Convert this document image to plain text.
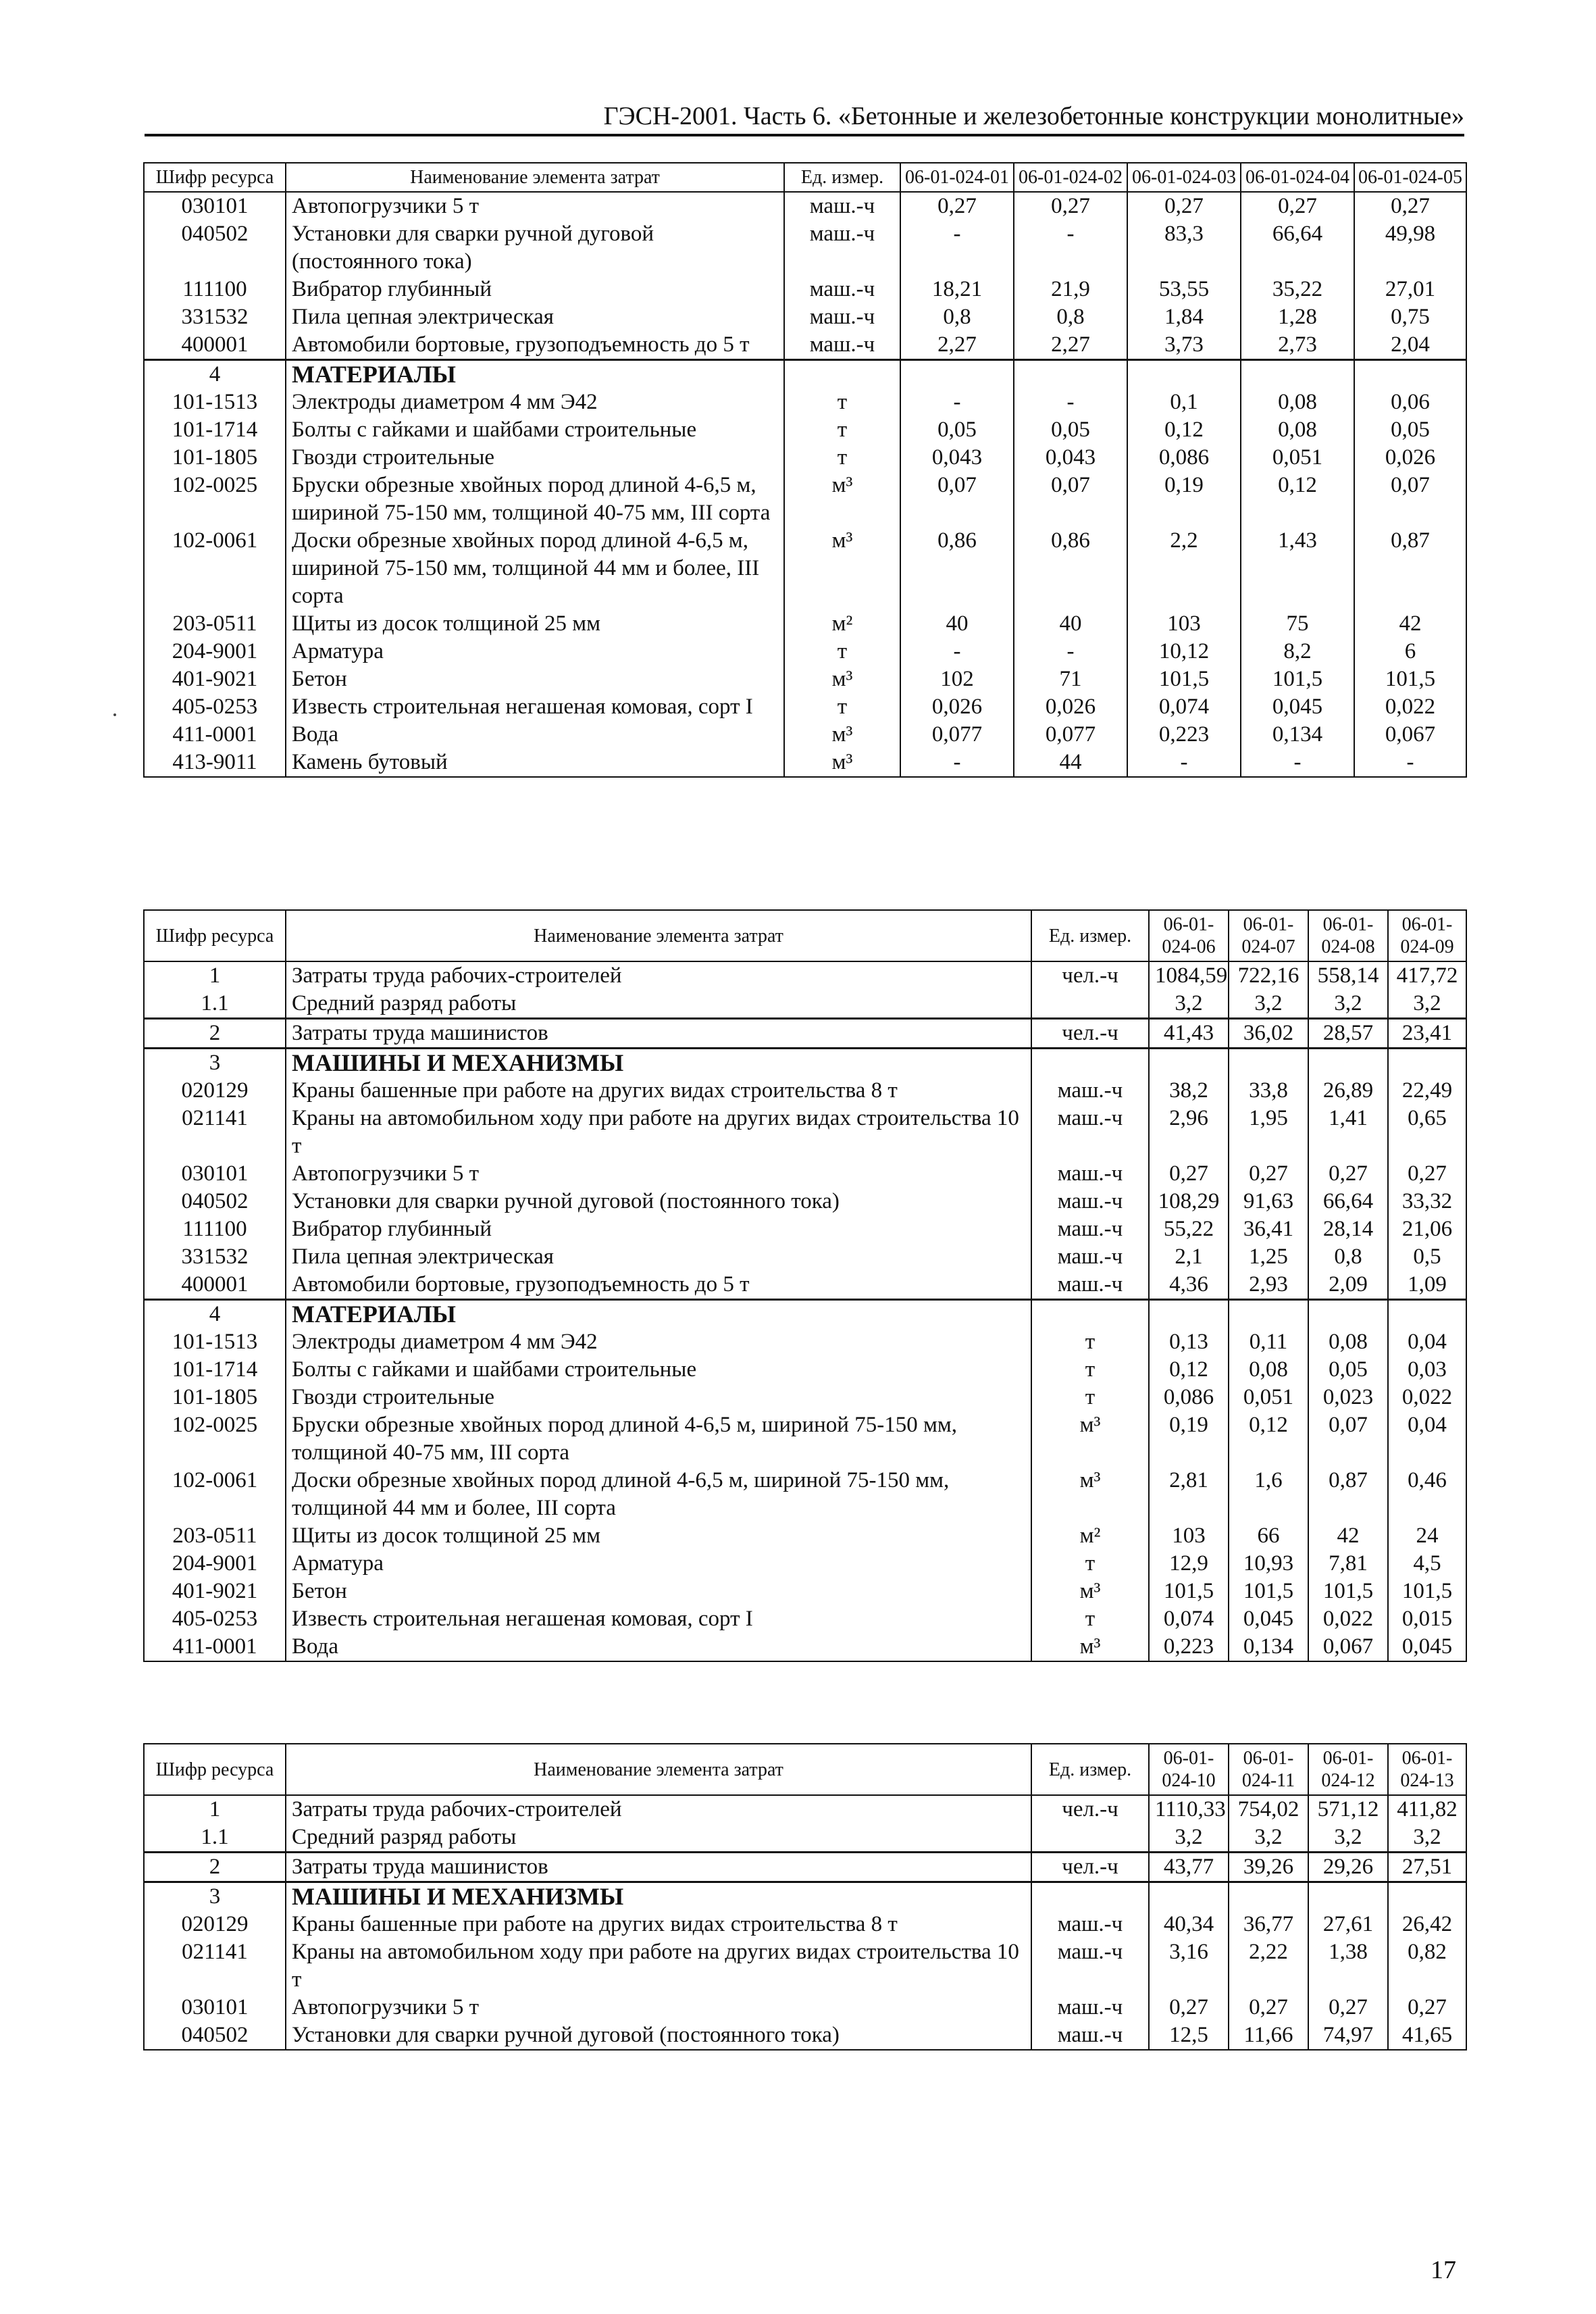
ГЭСН-2001. Часть 6. «Бетонные и железобетонные конструкции монолитные»
Шифр ресурса	Наименование элемента затрат	Ед. измер.	06-01-024-01	06-01-024-02	06-01-024-03	06-01-024-04	06-01-024-05
030101	Автопогрузчики 5 т	маш.-ч	0,27	0,27	0,27	0,27	0,27
040502	Установки для сварки ручной дуговой (постоянного тока)	маш.-ч	-	-	83,3	66,64	49,98
111100	Вибратор глубинный	маш.-ч	18,21	21,9	53,55	35,22	27,01
331532	Пила цепная электрическая	маш.-ч	0,8	0,8	1,84	1,28	0,75
400001	Автомобили бортовые, грузоподъемность до 5 т	маш.-ч	2,27	2,27	3,73	2,73	2,04
4	МАТЕРИАЛЫ						
101-1513	Электроды диаметром 4 мм Э42	т	-	-	0,1	0,08	0,06
101-1714	Болты с гайками и шайбами строительные	т	0,05	0,05	0,12	0,08	0,05
101-1805	Гвозди строительные	т	0,043	0,043	0,086	0,051	0,026
102-0025	Бруски обрезные хвойных пород длиной 4-6,5 м, шириной 75-150 мм, толщиной 40-75 мм, III сорта	м³	0,07	0,07	0,19	0,12	0,07
102-0061	Доски обрезные хвойных пород длиной 4-6,5 м, шириной 75-150 мм, толщиной 44 мм и более, III сорта	м³	0,86	0,86	2,2	1,43	0,87
203-0511	Щиты из досок толщиной 25 мм	м²	40	40	103	75	42
204-9001	Арматура	т	-	-	10,12	8,2	6
401-9021	Бетон	м³	102	71	101,5	101,5	101,5
405-0253	Известь строительная негашеная комовая, сорт I	т	0,026	0,026	0,074	0,045	0,022
411-0001	Вода	м³	0,077	0,077	0,223	0,134	0,067
413-9011	Камень бутовый	м³	-	44	-	-	-
Шифр ресурса	Наименование элемента затрат	Ед. измер.	06-01-024-06	06-01-024-07	06-01-024-08	06-01-024-09
1	Затраты труда рабочих-строителей	чел.-ч	1084,59	722,16	558,14	417,72
1.1	Средний разряд работы		3,2	3,2	3,2	3,2
2	Затраты труда машинистов	чел.-ч	41,43	36,02	28,57	23,41
3	МАШИНЫ И МЕХАНИЗМЫ					
020129	Краны башенные при работе на других видах строительства 8 т	маш.-ч	38,2	33,8	26,89	22,49
021141	Краны на автомобильном ходу при работе на других видах строительства 10 т	маш.-ч	2,96	1,95	1,41	0,65
030101	Автопогрузчики 5 т	маш.-ч	0,27	0,27	0,27	0,27
040502	Установки для сварки ручной дуговой (постоянного тока)	маш.-ч	108,29	91,63	66,64	33,32
111100	Вибратор глубинный	маш.-ч	55,22	36,41	28,14	21,06
331532	Пила цепная электрическая	маш.-ч	2,1	1,25	0,8	0,5
400001	Автомобили бортовые, грузоподъемность до 5 т	маш.-ч	4,36	2,93	2,09	1,09
4	МАТЕРИАЛЫ					
101-1513	Электроды диаметром 4 мм Э42	т	0,13	0,11	0,08	0,04
101-1714	Болты с гайками и шайбами строительные	т	0,12	0,08	0,05	0,03
101-1805	Гвозди строительные	т	0,086	0,051	0,023	0,022
102-0025	Бруски обрезные хвойных пород длиной 4-6,5 м, шириной 75-150 мм, толщиной 40-75 мм, III сорта	м³	0,19	0,12	0,07	0,04
102-0061	Доски обрезные хвойных пород длиной 4-6,5 м, шириной 75-150 мм, толщиной 44 мм и более, III сорта	м³	2,81	1,6	0,87	0,46
203-0511	Щиты из досок толщиной 25 мм	м²	103	66	42	24
204-9001	Арматура	т	12,9	10,93	7,81	4,5
401-9021	Бетон	м³	101,5	101,5	101,5	101,5
405-0253	Известь строительная негашеная комовая, сорт I	т	0,074	0,045	0,022	0,015
411-0001	Вода	м³	0,223	0,134	0,067	0,045
Шифр ресурса	Наименование элемента затрат	Ед. измер.	06-01-024-10	06-01-024-11	06-01-024-12	06-01-024-13
1	Затраты труда рабочих-строителей	чел.-ч	1110,33	754,02	571,12	411,82
1.1	Средний разряд работы		3,2	3,2	3,2	3,2
2	Затраты труда машинистов	чел.-ч	43,77	39,26	29,26	27,51
3	МАШИНЫ И МЕХАНИЗМЫ					
020129	Краны башенные при работе на других видах строительства 8 т	маш.-ч	40,34	36,77	27,61	26,42
021141	Краны на автомобильном ходу при работе на других видах строительства 10 т	маш.-ч	3,16	2,22	1,38	0,82
030101	Автопогрузчики 5 т	маш.-ч	0,27	0,27	0,27	0,27
040502	Установки для сварки ручной дуговой (постоянного тока)	маш.-ч	12,5	11,66	74,97	41,65
17
